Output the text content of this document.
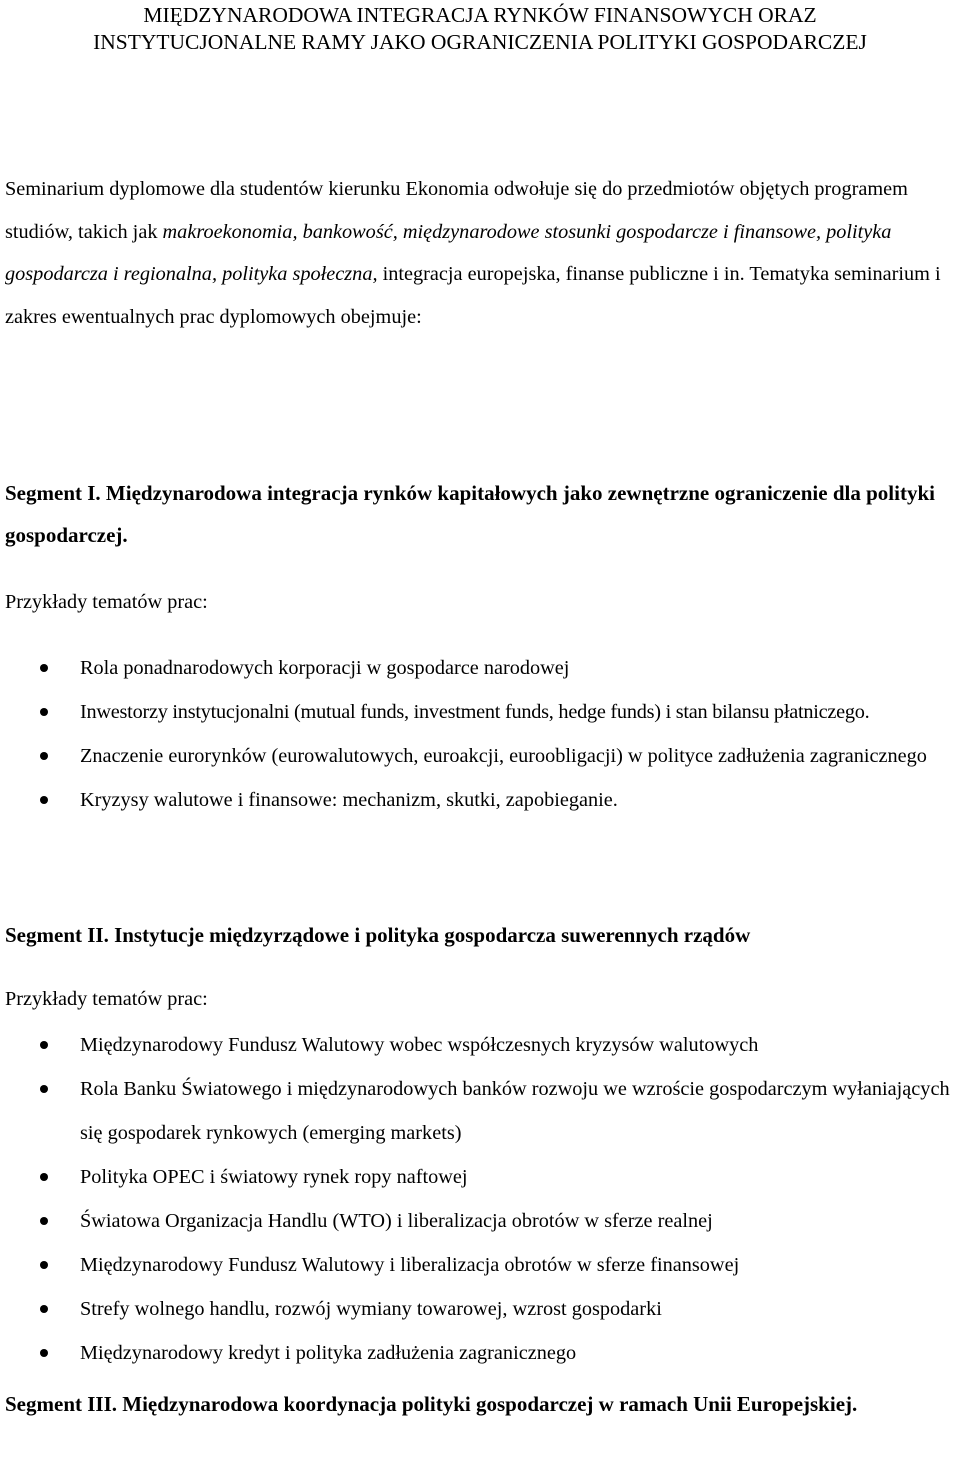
MIĘDZYNARODOWA INTEGRACJA RYNKÓW FINANSOWYCH ORAZ
INSTYTUCJONALNE RAMY JAKO OGRANICZENIA POLITYKI GOSPODARCZEJ
Seminarium dyplomowe dla studentów kierunku Ekonomia odwołuje się do przedmiotów objętych programem studiów, takich jak makroekonomia, bankowość, międzynarodowe stosunki gospodarcze i finansowe, polityka gospodarcza i regionalna, polityka społeczna, integracja europejska, finanse publiczne i in. Tematyka seminarium i zakres ewentualnych prac dyplomowych obejmuje:
Segment I. Międzynarodowa integracja rynków kapitałowych jako zewnętrzne ograniczenie dla polityki gospodarczej.
Przykłady tematów prac:
Rola ponadnarodowych korporacji w gospodarce narodowej
Inwestorzy instytucjonalni (mutual funds, investment funds, hedge funds) i stan bilansu płatniczego.
Znaczenie eurorynków (eurowalutowych, euroakcji, euroobligacji) w polityce zadłużenia zagranicznego
Kryzysy walutowe i finansowe: mechanizm, skutki, zapobieganie.
Segment II. Instytucje międzyrządowe i polityka gospodarcza suwerennych rządów
Przykłady tematów prac:
Międzynarodowy Fundusz Walutowy wobec współczesnych kryzysów walutowych
Rola Banku Światowego i międzynarodowych banków rozwoju we wzroście gospodarczym wyłaniających się gospodarek rynkowych (emerging markets)
Polityka OPEC i światowy rynek ropy naftowej
Światowa Organizacja Handlu (WTO) i liberalizacja obrotów w sferze realnej
Międzynarodowy Fundusz Walutowy i liberalizacja obrotów w sferze finansowej
Strefy wolnego handlu, rozwój wymiany towarowej, wzrost gospodarki
Międzynarodowy kredyt i polityka zadłużenia zagranicznego
Segment III. Międzynarodowa koordynacja polityki gospodarczej w ramach Unii Europejskiej.
